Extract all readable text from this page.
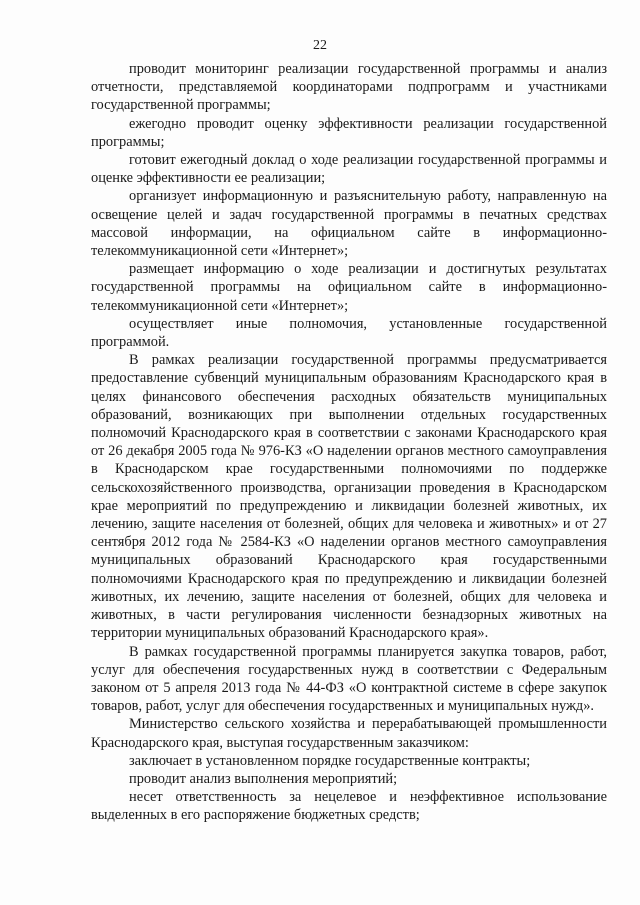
22

проводит мониторинг реализации государственной программы и анализ отчетности, представляемой координаторами подпрограмм и участниками государственной программы;

ежегодно проводит оценку эффективности реализации государственной программы;

готовит ежегодный доклад о ходе реализации государственной программы и оценке эффективности ее реализации;

организует информационную и разъяснительную работу, направленную на освещение целей и задач государственной программы в печатных средствах массовой информации, на официальном сайте в информационно-телекоммуникационной сети «Интернет»;

размещает информацию о ходе реализации и достигнутых результатах государственной программы на официальном сайте в информационно-телекоммуникационной сети «Интернет»;

осуществляет иные полномочия, установленные государственной программой.

В рамках реализации государственной программы предусматривается предоставление субвенций муниципальным образованиям Краснодарского края в целях финансового обеспечения расходных обязательств муниципальных образований, возникающих при выполнении отдельных государственных полномочий Краснодарского края в соответствии с законами Краснодарского края от 26 декабря 2005 года № 976-КЗ «О наделении органов местного самоуправления в Краснодарском крае государственными полномочиями по поддержке сельскохозяйственного производства, организации проведения в Краснодарском крае мероприятий по предупреждению и ликвидации болезней животных, их лечению, защите населения от болезней, общих для человека и животных» и от 27 сентября 2012 года № 2584-КЗ «О наделении органов местного самоуправления муниципальных образований Краснодарского края государственными полномочиями Краснодарского края по предупреждению и ликвидации болезней животных, их лечению, защите населения от болезней, общих для человека и животных, в части регулирования численности безнадзорных животных на территории муниципальных образований Краснодарского края».

В рамках государственной программы планируется закупка товаров, работ, услуг для обеспечения государственных нужд в соответствии с Федеральным законом от 5 апреля 2013 года № 44-ФЗ «О контрактной системе в сфере закупок товаров, работ, услуг для обеспечения государственных и муниципальных нужд».

Министерство сельского хозяйства и перерабатывающей промышленности Краснодарского края, выступая государственным заказчиком:

заключает в установленном порядке государственные контракты;

проводит анализ выполнения мероприятий;

несет ответственность за нецелевое и неэффективное использование выделенных в его распоряжение бюджетных средств;
